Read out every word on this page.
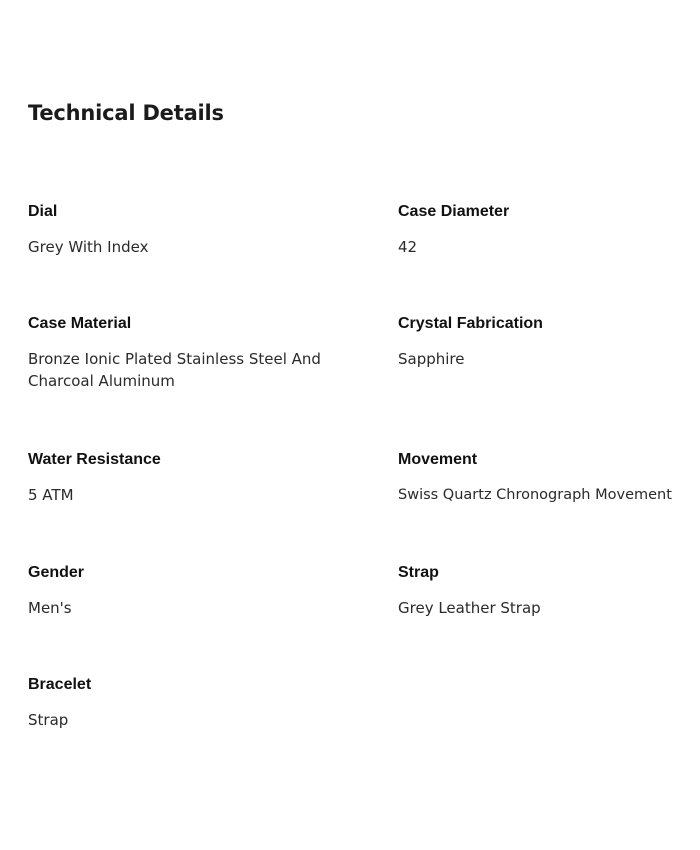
Technical Details

Dial

Grey With Index

Case Diameter

42

Case Material

Bronze Ionic Plated Stainless Steel And Charcoal Aluminum

Crystal Fabrication

Sapphire

Water Resistance

5 ATM

Movement

Swiss Quartz Chronograph Movement

Gender

Men's

Strap

Grey Leather Strap

Bracelet

Strap
